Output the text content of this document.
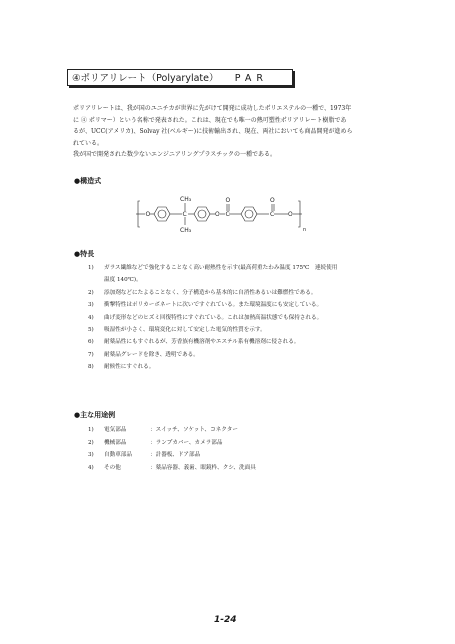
④ポリアリレート（Polyarylate） PAR

ポリアリレートは、我が国のユニチカが世界に先がけて開発に成功したポリエステルの一種で、1973年

に ④ ポリマー）という名称で発表された。これは、現在でも唯一の熱可塑性ポリアリレート樹脂であ

るが、UCC(アメリカ)、Solvay 社(ベルギー)に技術輸出され、現在、両社においても商品開発が進めら

れている。

我が国で開発された数少ないエンジニアリングプラスチックの一種である。

●構造式

O	C
CH₃
CH₃
O C
O
C
O
O
n

●特長

1) ガラス繊維などで強化することなく高い耐熱性を示す(最高荷重たわみ温度 175℃　連続使用
温度 140℃)。
2) 添加剤などにたよることなく、分子構造から基本的に自消性あるいは難燃性である。
3) 衝撃特性はポリカーボネートに次いですぐれている。また環境温度にも安定している。
4) 曲げ変形などのヒズミ回復特性にすぐれている。これは加熱高温状態でも保持される。
5) 吸湿性が小さく、環境変化に対して安定した電気的性質を示す。
6) 耐薬品性にもすぐれるが、芳香族有機溶剤やエステル系有機溶剤に侵される。
7) 耐薬品グレードを除き、透明である。
8) 耐候性にすぐれる。

●主な用途例

1) 電気部品	：スイッチ、ソケット、コネクター
2) 機械部品	：ランプカバー、カメラ部品
3) 自動車部品	：計器板、ドア部品
4) その他	：薬品容器、義歯、眼鏡枠、クシ、洗面具
1-24
